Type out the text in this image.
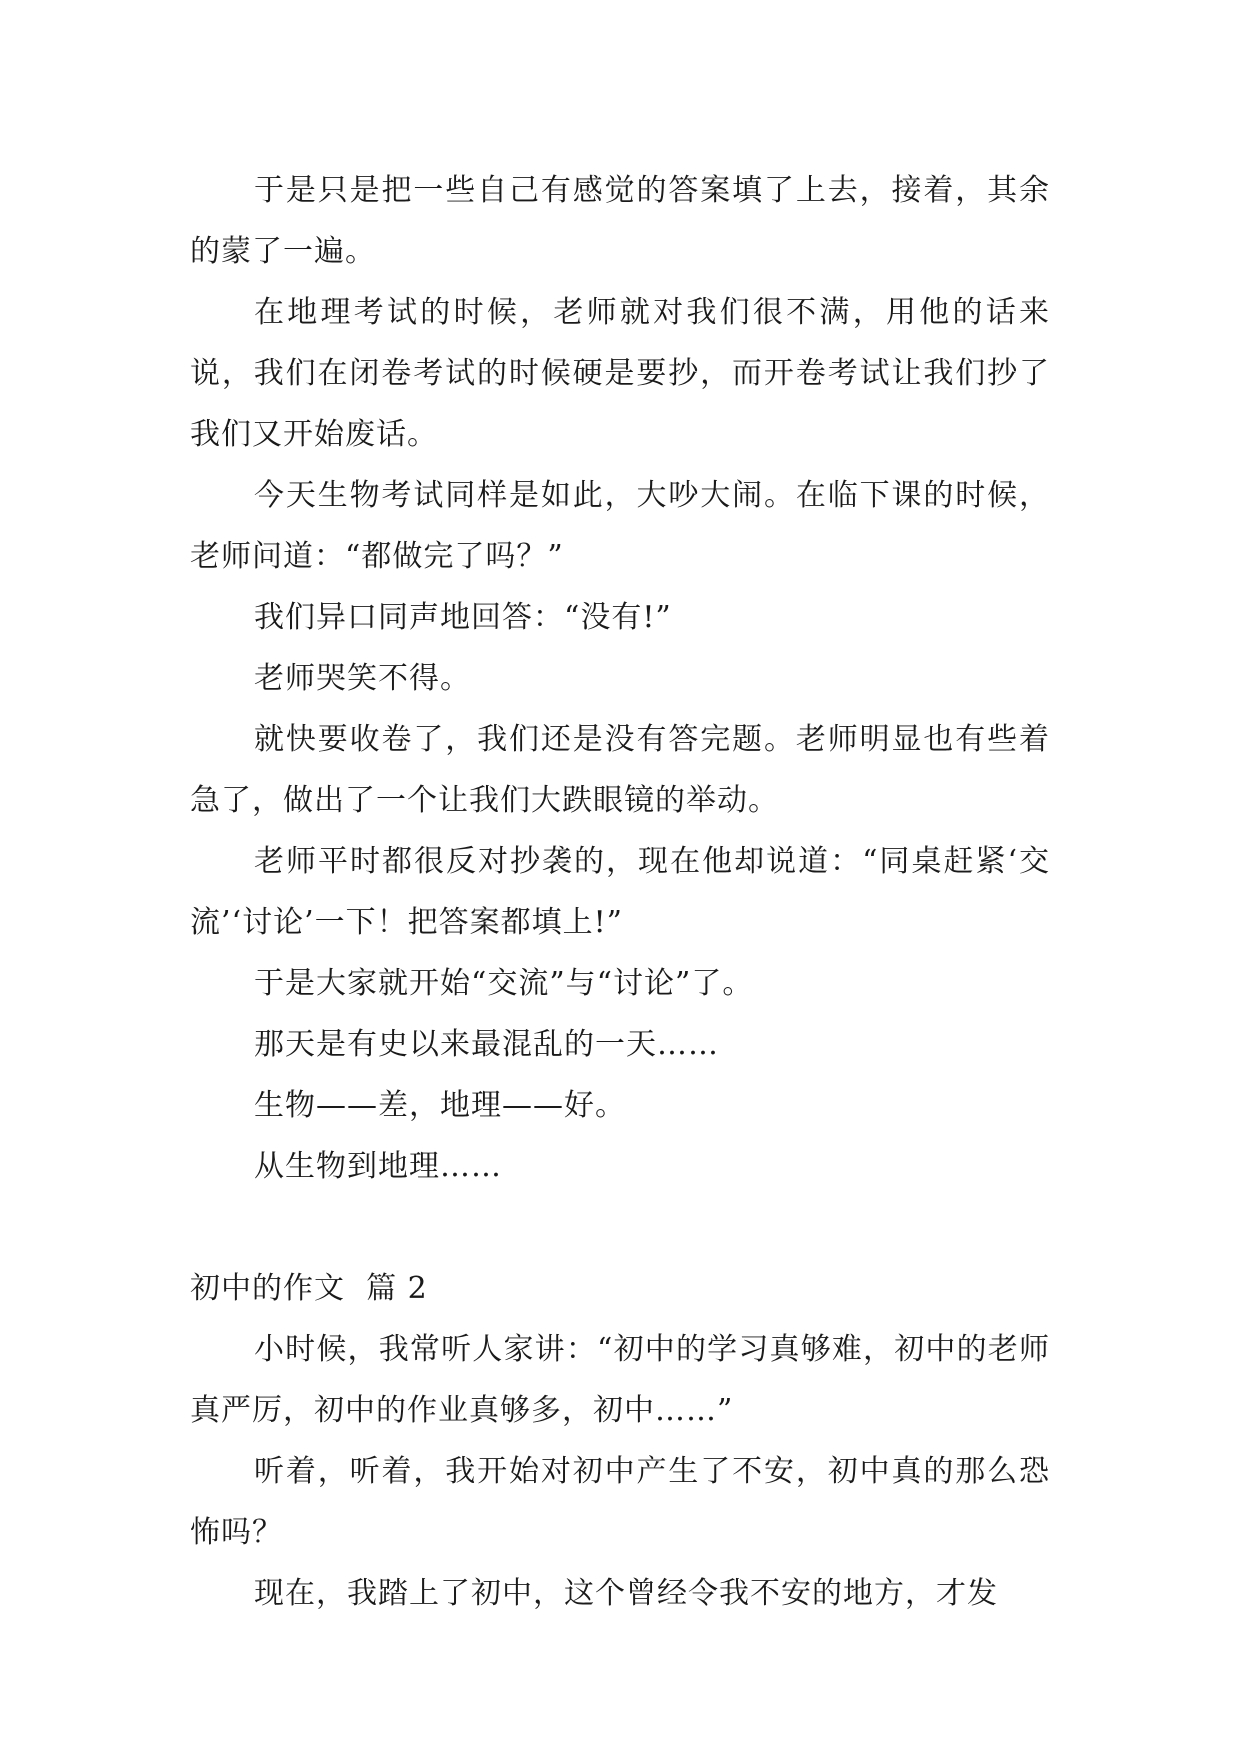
于是只是把一些自己有感觉的答案填了上去，接着，其余的蒙了一遍。

在地理考试的时候，老师就对我们很不满，用他的话来说，我们在闭卷考试的时候硬是要抄，而开卷考试让我们抄了我们又开始废话。

今天生物考试同样是如此，大吵大闹。在临下课的时候，老师问道：“都做完了吗？”

我们异口同声地回答：“没有!”

老师哭笑不得。

就快要收卷了，我们还是没有答完题。老师明显也有些着急了，做出了一个让我们大跌眼镜的举动。

老师平时都很反对抄袭的，现在他却说道：“同桌赶紧‘交流’‘讨论’一下！把答案都填上!”

于是大家就开始“交流”与“讨论”了。

那天是有史以来最混乱的一天……

生物——差，地理——好。

从生物到地理……

初中的作文  篇 2

小时候，我常听人家讲：“初中的学习真够难，初中的老师真严厉，初中的作业真够多，初中……”

听着，听着，我开始对初中产生了不安，初中真的那么恐怖吗？

现在，我踏上了初中，这个曾经令我不安的地方，才发
